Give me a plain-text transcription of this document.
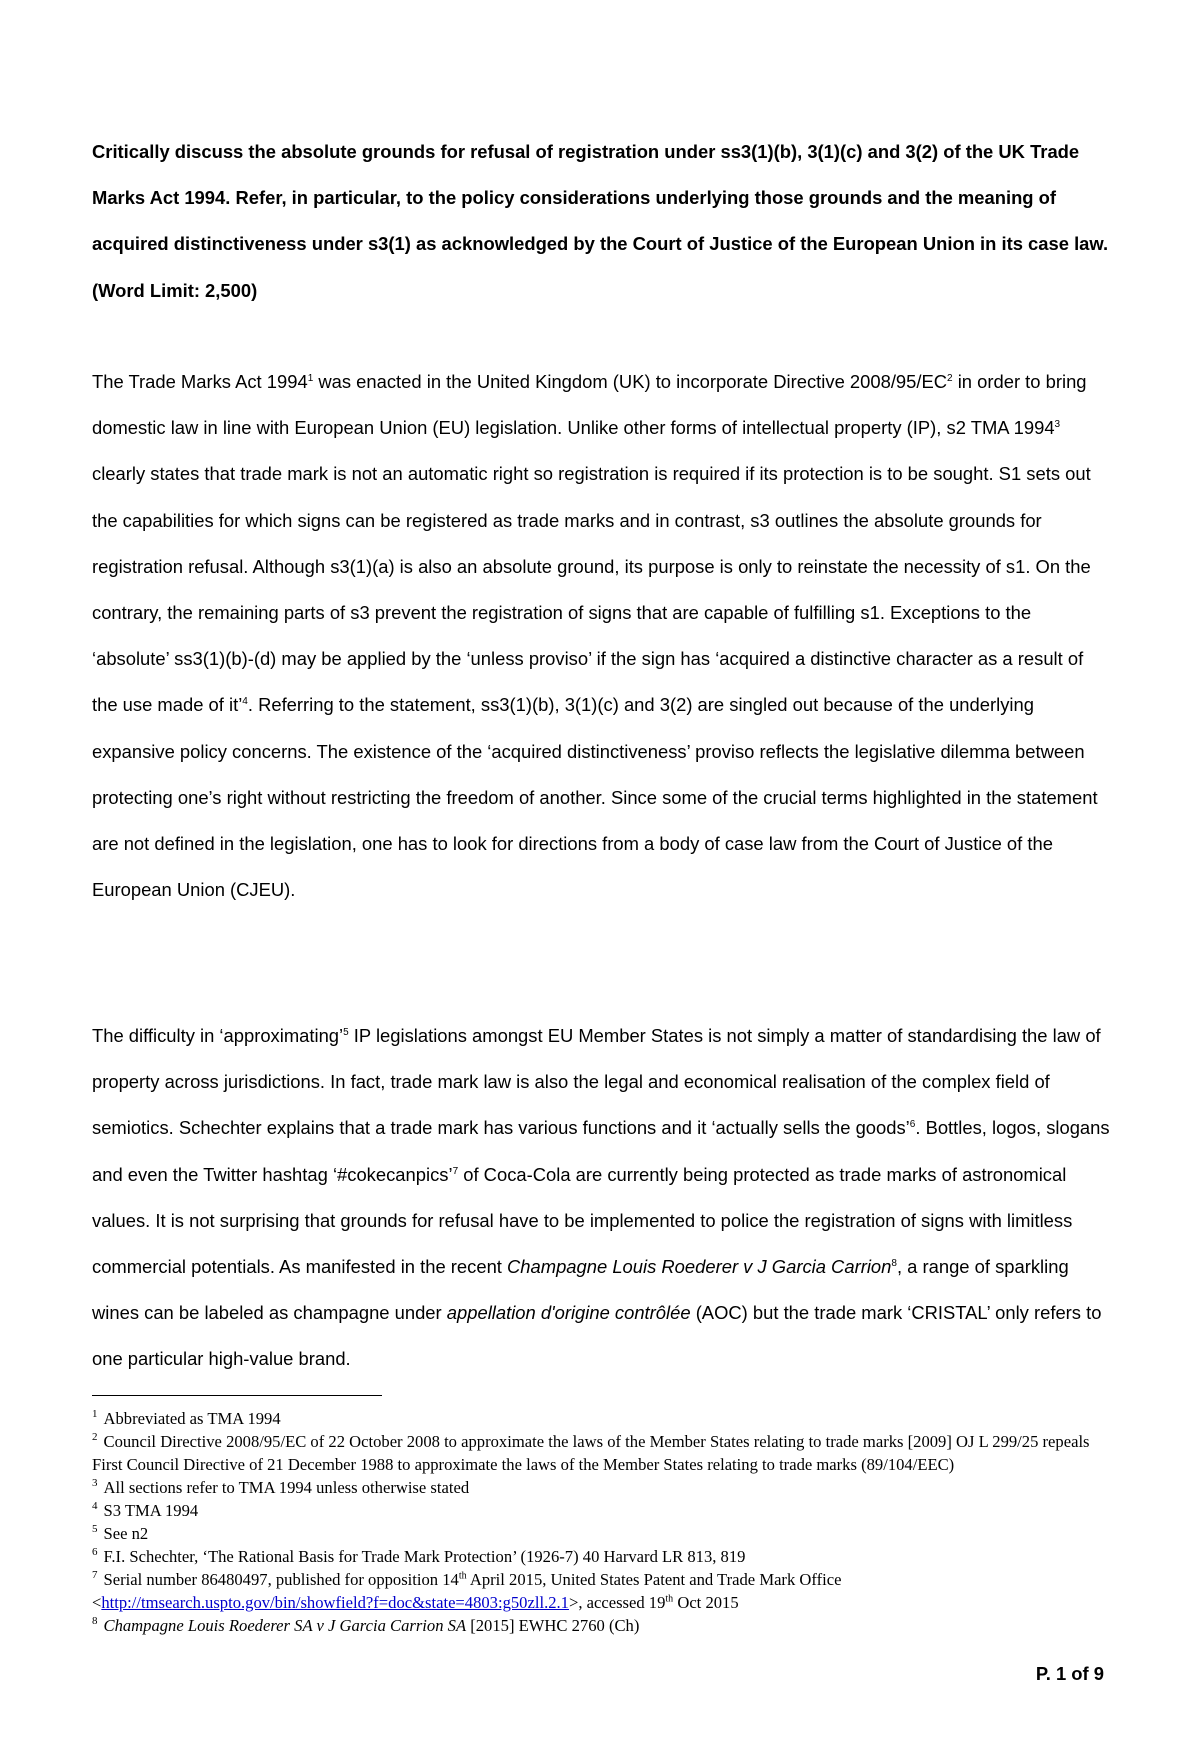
Critically discuss the absolute grounds for refusal of registration under ss3(1)(b), 3(1)(c) and 3(2) of the UK Trade Marks Act 1994. Refer, in particular, to the policy considerations underlying those grounds and the meaning of acquired distinctiveness under s3(1) as acknowledged by the Court of Justice of the European Union in its case law. (Word Limit: 2,500)

The Trade Marks Act 1994$^1$ was enacted in the United Kingdom (UK) to incorporate Directive $2008/95/EC^2$ in order to bring domestic law in line with European Union (EU) legislation. Unlike other forms of intellectual property (IP), s2 TMA 1994$^3$ clearly states that trade mark is not an automatic right so registration is required if its protection is to be sought. S1 sets out the capabilities for which signs can be registered as trade marks and in contrast, s3 outlines the absolute grounds for registration refusal. Although s3(1)(a) is also an absolute ground, its purpose is only to reinstate the necessity of s1. On the contrary, the remaining parts of s3 prevent the registration of signs that are capable of fulfilling s1. Exceptions to the ‘absolute’ ss3(1)(b)-(d) may be applied by the ‘unless proviso’ if the sign has ‘acquired a distinctive character as a result of the use made of it’$^4$. Referring to the statement, ss3(1)(b), 3(1)(c) and 3(2) are singled out because of the underlying expansive policy concerns. The existence of the ‘acquired distinctiveness’ proviso reflects the legislative dilemma between protecting one’s right without restricting the freedom of another. Since some of the crucial terms highlighted in the statement are not defined in the legislation, one has to look for directions from a body of case law from the Court of Justice of the European Union (CJEU).

The difficulty in ‘approximating’$^5$ IP legislations amongst EU Member States is not simply a matter of standardising the law of property across jurisdictions. In fact, trade mark law is also the legal and economical realisation of the complex field of semiotics. Schechter explains that a trade mark has various functions and it ‘actually sells the goods’$^6$. Bottles, logos, slogans and even the Twitter hashtag ‘#cokecanpics’$^7$ of Coca-Cola are currently being protected as trade marks of astronomical values. It is not surprising that grounds for refusal have to be implemented to police the registration of signs with limitless commercial potentials. As manifested in the recent Champagne Louis Roederer v J Garcia Carrion$^8$, a range of sparkling wines can be labeled as champagne under appellation d'origine contrôlée (AOC) but the trade mark ‘CRISTAL’ only refers to one particular high-value brand.

$^1$ Abbreviated as TMA 1994
$^2$ Council Directive 2008/95/EC of 22 October 2008 to approximate the laws of the Member States relating to trade marks [2009] OJ L 299/25 repeals First Council Directive of 21 December 1988 to approximate the laws of the Member States relating to trade marks (89/104/EEC)
$^3$ All sections refer to TMA 1994 unless otherwise stated
$^4$ S3 TMA 1994
$^5$ See n2
$^6$ F.I. Schechter, ‘The Rational Basis for Trade Mark Protection’ (1926-7) 40 Harvard LR 813, 819
$^7$ Serial number 86480497, published for opposition 14th April 2015, United States Patent and Trade Mark Office <http://tmsearch.uspto.gov/bin/showfield?f=doc&state=4803:g50zll.2.1>, accessed 19th Oct 2015
$^8$ Champagne Louis Roederer SA v J Garcia Carrion SA [2015] EWHC 2760 (Ch)
P. 1 of 9
